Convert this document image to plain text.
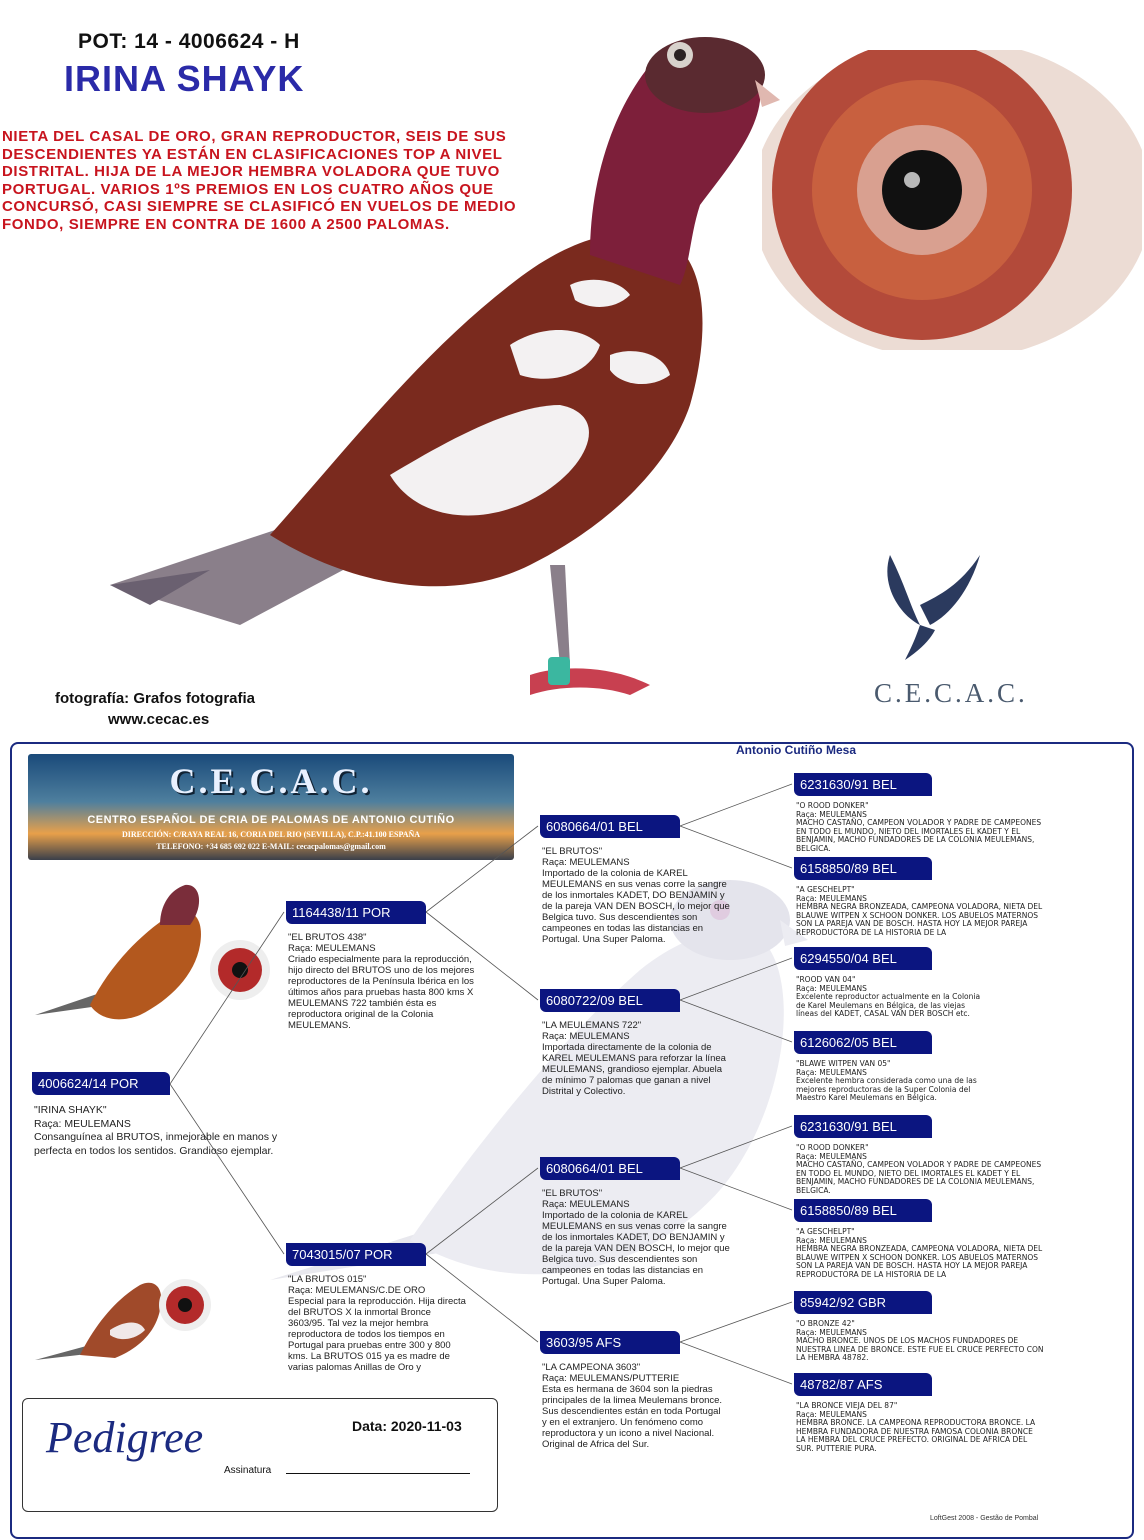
POT: 14 - 4006624 - H
IRINA SHAYK
NIETA DEL CASAL DE ORO, GRAN REPRODUCTOR, SEIS DE SUS DESCENDIENTES YA ESTÁN EN CLASIFICACIONES TOP A NIVEL DISTRITAL. HIJA DE LA MEJOR HEMBRA VOLADORA QUE TUVO PORTUGAL. VARIOS 1ºS PREMIOS EN LOS CUATRO AÑOS QUE CONCURSÓ, CASI SIEMPRE SE CLASIFICÓ EN VUELOS DE MEDIO FONDO, SIEMPRE EN CONTRA DE 1600 A 2500 PALOMAS.
fotografía: Grafos fotografia
www.cecac.es
C.E.C.A.C.
C.E.C.A.C.
CENTRO ESPAÑOL DE CRIA DE PALOMAS DE ANTONIO CUTIÑO
DIRECCIÓN: C/RAYA REAL 16, CORIA DEL RIO (SEVILLA), C.P.:41.100 ESPAÑA
TELEFONO: +34 685 692 022 E-MAIL: cecacpalomas@gmail.com
Antonio Cutiño Mesa
4006624/14 POR
"IRINA SHAYK"
Raça: MEULEMANS
Consanguínea al BRUTOS, inmejorable en manos y perfecta en todos los sentidos. Grandioso ejemplar.
1164438/11 POR
"EL BRUTOS 438"
Raça: MEULEMANS
Criado especialmente para la reproducción, hijo directo del BRUTOS uno de los mejores reproductores de la Península Ibérica en los últimos años para pruebas hasta 800 kms X MEULEMANS 722 también ésta es reproductora original de la Colonia MEULEMANS.
7043015/07 POR
"LA BRUTOS 015"
Raça: MEULEMANS/C.DE ORO
Especial para la reproducción. Hija directa del BRUTOS X la inmortal Bronce 3603/95. Tal vez la mejor hembra reproductora de todos los tiempos en Portugal para pruebas entre 300 y 800 kms. La BRUTOS 015 ya es madre de varias palomas Anillas de Oro y
6080664/01 BEL
"EL BRUTOS"
Raça: MEULEMANS
Importado de la colonia de KAREL MEULEMANS en sus venas corre la sangre de los inmortales KADET, DO BENJAMIN y de la pareja VAN DEN BOSCH, lo mejor que Belgica tuvo. Sus descendientes son campeones en todas las distancias en Portugal. Una Super Paloma.
6080722/09 BEL
"LA MEULEMANS 722"
Raça: MEULEMANS
Importada directamente de la colonia de KAREL MEULEMANS para reforzar la línea MEULEMANS, grandioso ejemplar. Abuela de mínimo 7 palomas que ganan a nivel Distrital y Colectivo.
6080664/01 BEL
"EL BRUTOS"
Raça: MEULEMANS
Importado de la colonia de KAREL MEULEMANS en sus venas corre la sangre de los inmortales KADET, DO BENJAMIN y de la pareja VAN DEN BOSCH, lo mejor que Belgica tuvo. Sus descendientes son campeones en todas las distancias en Portugal. Una Super Paloma.
3603/95 AFS
"LA CAMPEONA 3603"
Raça: MEULEMANS/PUTTERIE
Esta es hermana de 3604 son la piedras principales de la limea Meulemans bronce. Sus descendientes están en toda Portugal y en el extranjero. Un fenómeno como reproductora y un icono a nivel Nacional. Original de Africa del Sur.
6231630/91 BEL
"O ROOD DONKER"
Raça: MEULEMANS
MACHO CASTAÑO, CAMPEON VOLADOR Y PADRE DE CAMPEONES EN TODO EL MUNDO, NIETO DEL IMORTALES EL KADET Y EL BENJAMIN, MACHO FUNDADORES DE LA COLONIA MEULEMANS, BELGICA.
6158850/89 BEL
"A GESCHELPT"
Raça: MEULEMANS
HEMBRA NEGRA BRONZEADA, CAMPEONA VOLADORA, NIETA DEL BLAUWE WITPEN X SCHOON DONKER. LOS ABUELOS MATERNOS SON LA PAREJA VAN DE BOSCH. HASTA HOY LA MEJOR PAREJA REPRODUCTORA DE LA HISTORIA DE LA
6294550/04 BEL
"ROOD VAN 04"
Raça: MEULEMANS
Excelente reproductor actualmente en la Colonia de Karel Meulemans en Bélgica, de las viejas líneas del KADET, CASAL VAN DER BOSCH etc.
6126062/05 BEL
"BLAWE WITPEN VAN 05"
Raça: MEULEMANS
Excelente hembra considerada como una de las mejores reproductoras de la Super Colonia del Maestro Karel Meulemans en Bélgica.
6231630/91 BEL
"O ROOD DONKER"
Raça: MEULEMANS
MACHO CASTAÑO, CAMPEON VOLADOR Y PADRE DE CAMPEONES EN TODO EL MUNDO, NIETO DEL IMORTALES EL KADET Y EL BENJAMIN, MACHO FUNDADORES DE LA COLONIA MEULEMANS, BELGICA.
6158850/89 BEL
"A GESCHELPT"
Raça: MEULEMANS
HEMBRA NEGRA BRONZEADA, CAMPEONA VOLADORA, NIETA DEL BLAUWE WITPEN X SCHOON DONKER. LOS ABUELOS MATERNOS SON LA PAREJA VAN DE BOSCH. HASTA HOY LA MEJOR PAREJA REPRODUCTORA DE LA HISTORIA DE LA
85942/92 GBR
"O BRONZE 42"
Raça: MEULEMANS
MACHO BRONCE. UNOS DE LOS MACHOS FUNDADORES DE NUESTRA LINEA DE BRONCE. ESTE FUE EL CRUCE PERFECTO CON LA HEMBRA 48782.
48782/87 AFS
"LA BRONCE VIEJA DEL 87"
Raça: MEULEMANS
HEMBRA BRONCE. LA CAMPEONA REPRODUCTORA BRONCE. LA HEMBRA FUNDADORA DE NUESTRA FAMOSA COLONIA BRONCE LA HEMBRA DEL CRUCE PREFECTO. ORIGINAL DE AFRICA DEL SUR. PUTTERIE PURA.
Pedigree	Data: 2020-11-03
Assinatura
LoftGest 2008 - Gestão de Pombal
